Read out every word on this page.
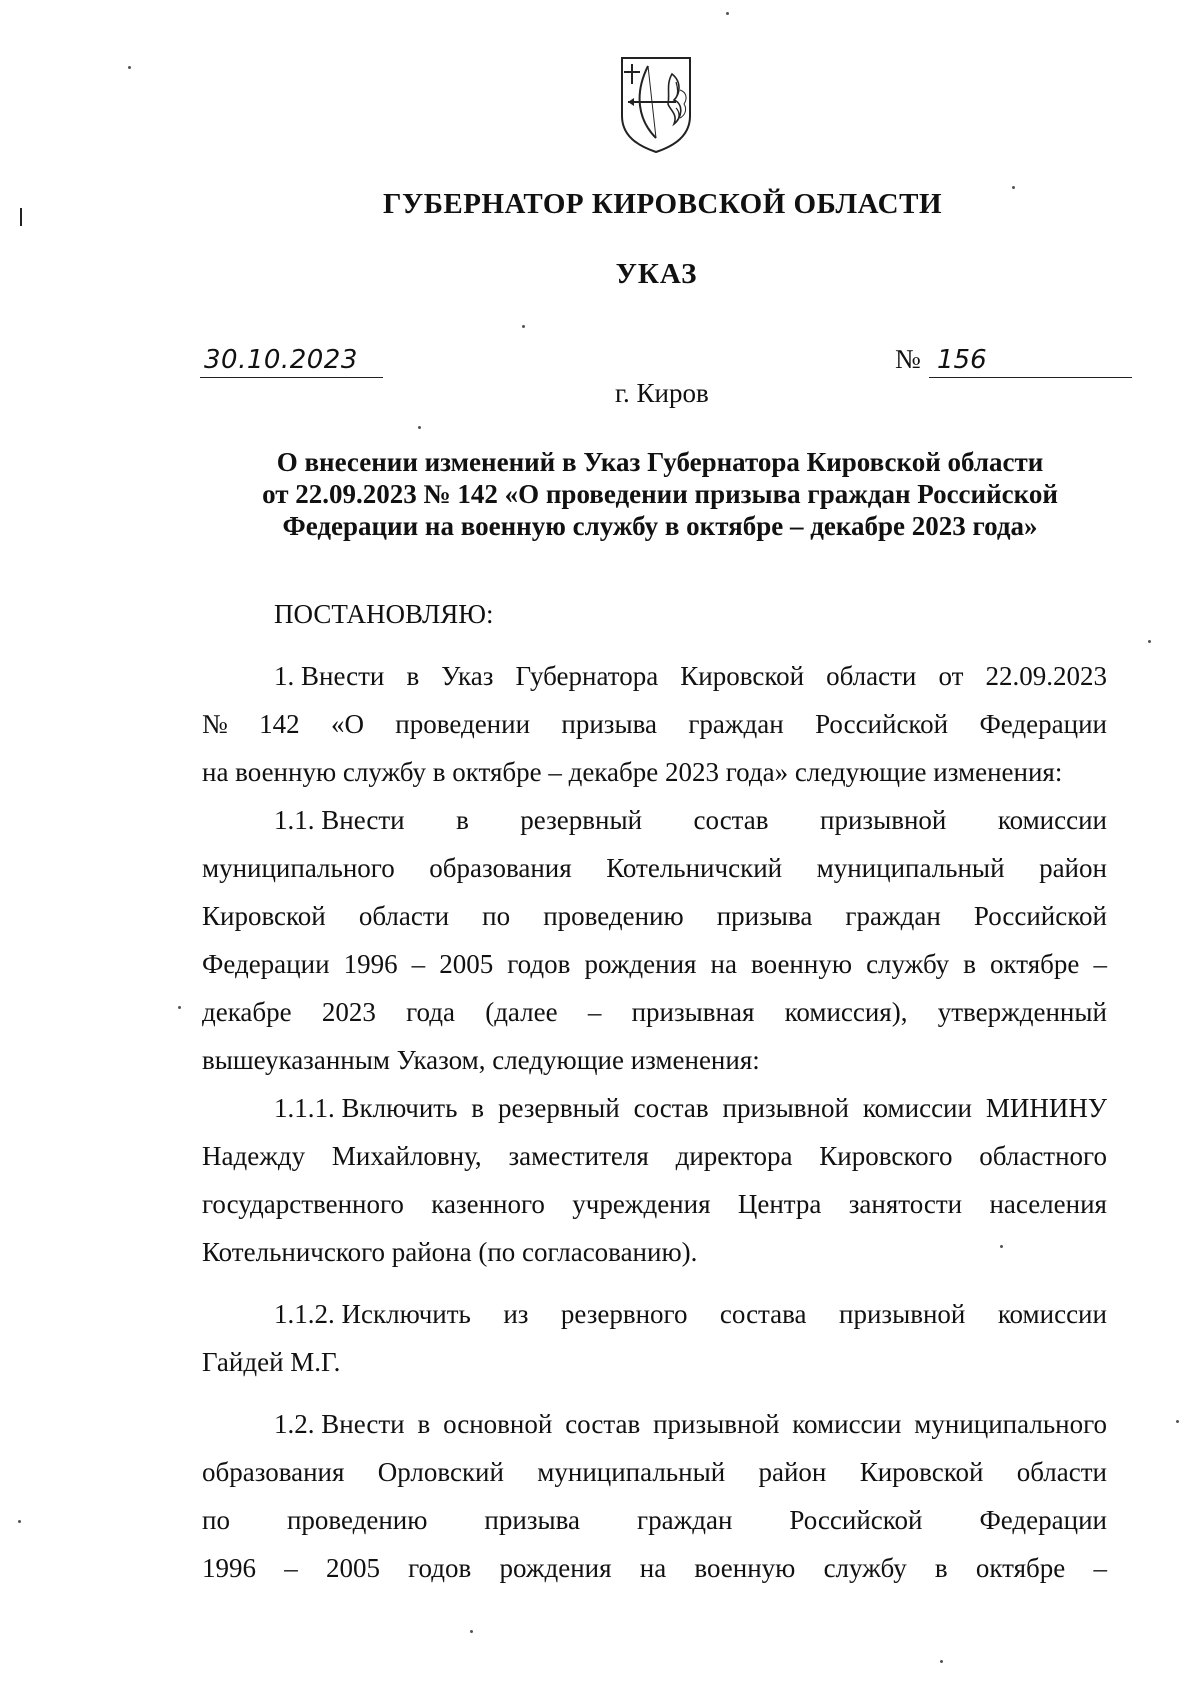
ГУБЕРНАТОР КИРОВСКОЙ ОБЛАСТИ
УКАЗ
30.10.2023	№ 156
г. Киров
О внесении изменений в Указ Губернатора Кировской области
от 22.09.2023 № 142 «О проведении призыва граждан Российской
Федерации на военную службу в октябре – декабре 2023 года»
ПОСТАНОВЛЯЮ:
1. Внести в Указ Губернатора Кировской области от 22.09.2023
№ 142 «О проведении призыва граждан Российской Федерации
на военную службу в октябре – декабре 2023 года» следующие изменения:
1.1. Внести в резервный состав призывной комиссии
муниципального образования Котельничский муниципальный район
Кировской области по проведению призыва граждан Российской
Федерации 1996 – 2005 годов рождения на военную службу в октябре –
декабре 2023 года (далее – призывная комиссия), утвержденный
вышеуказанным Указом, следующие изменения:
1.1.1. Включить в резервный состав призывной комиссии МИНИНУ
Надежду Михайловну, заместителя директора Кировского областного
государственного казенного учреждения Центра занятости населения
Котельничского района (по согласованию).
1.1.2. Исключить из резервного состава призывной комиссии
Гайдей М.Г.
1.2. Внести в основной состав призывной комиссии муниципального
образования Орловский муниципальный район Кировской области
по проведению призыва граждан Российской Федерации
1996 – 2005 годов рождения на военную службу в октябре –
